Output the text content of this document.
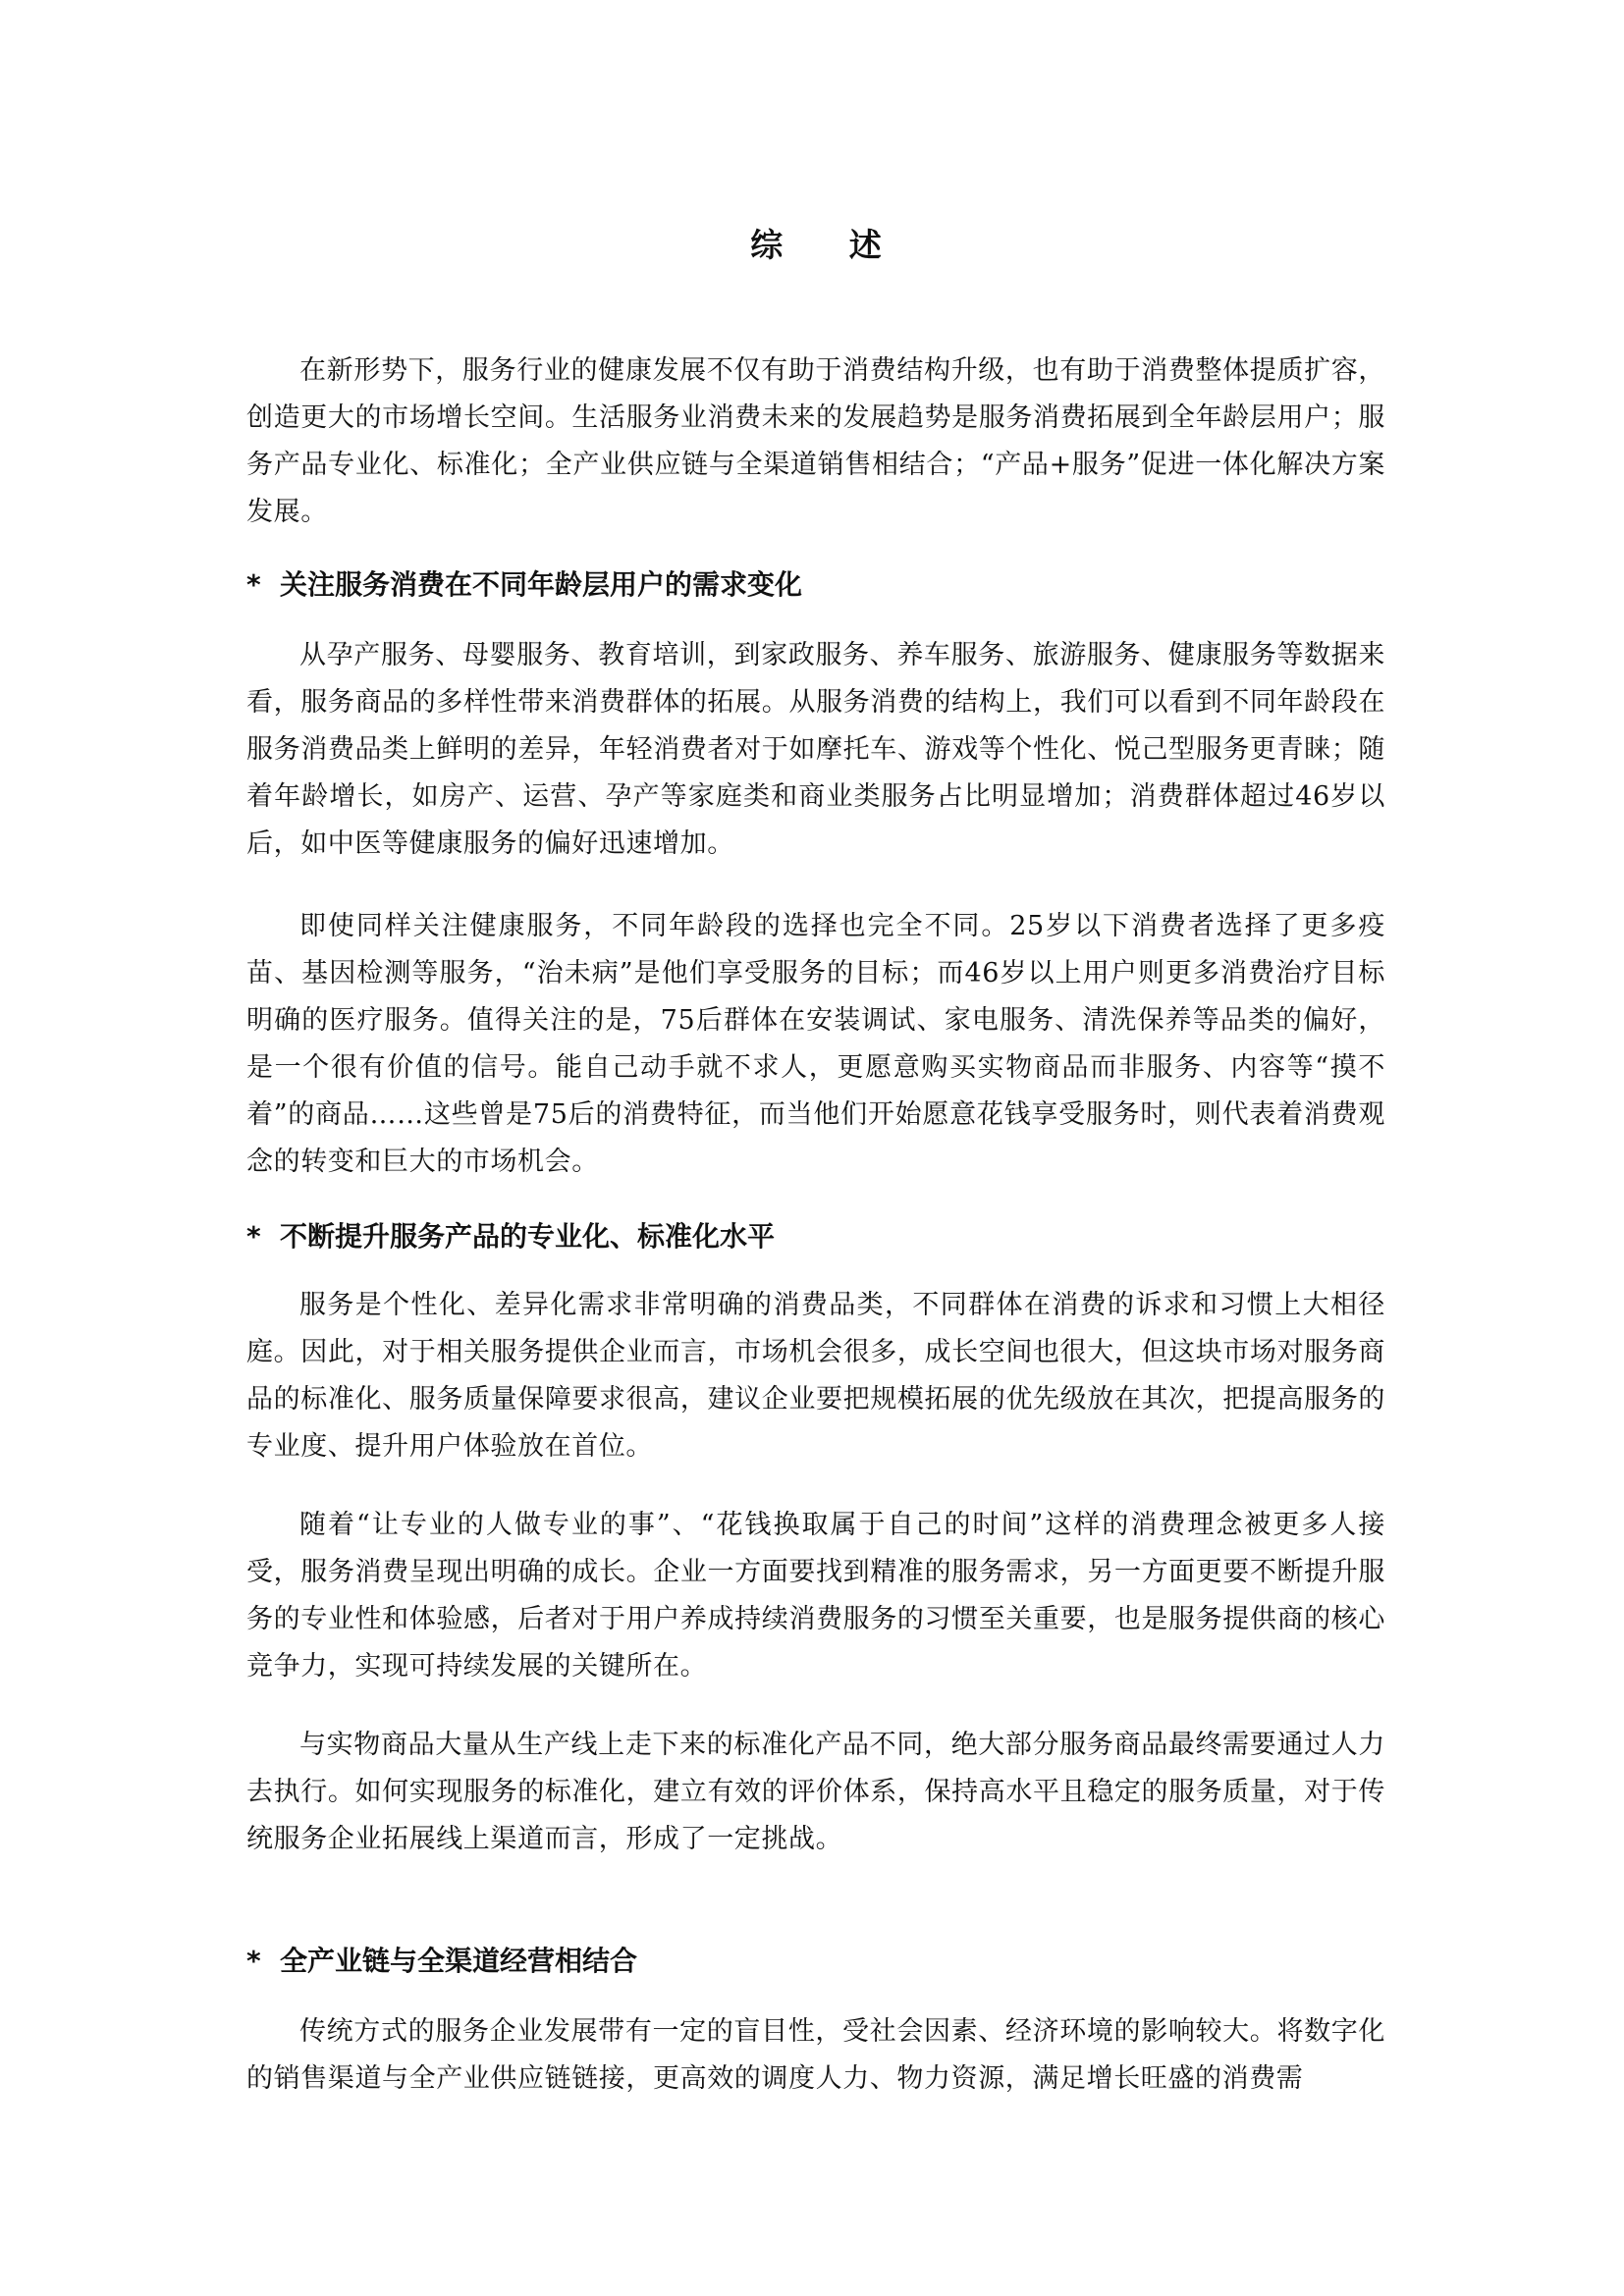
综 述

在新形势下，服务行业的健康发展不仅有助于消费结构升级，也有助于消费整体提质扩容，创造更大的市场增长空间。生活服务业消费未来的发展趋势是服务消费拓展到全年龄层用户；服务产品专业化、标准化；全产业供应链与全渠道销售相结合；“产品+服务”促进一体化解决方案发展。

* 关注服务消费在不同年龄层用户的需求变化

从孕产服务、母婴服务、教育培训，到家政服务、养车服务、旅游服务、健康服务等数据来看，服务商品的多样性带来消费群体的拓展。从服务消费的结构上，我们可以看到不同年龄段在服务消费品类上鲜明的差异，年轻消费者对于如摩托车、游戏等个性化、悦己型服务更青睐；随着年龄增长，如房产、运营、孕产等家庭类和商业类服务占比明显增加；消费群体超过46岁以后，如中医等健康服务的偏好迅速增加。

即使同样关注健康服务，不同年龄段的选择也完全不同。25岁以下消费者选择了更多疫苗、基因检测等服务，“治未病”是他们享受服务的目标；而46岁以上用户则更多消费治疗目标明确的医疗服务。值得关注的是，75后群体在安装调试、家电服务、清洗保养等品类的偏好，是一个很有价值的信号。能自己动手就不求人，更愿意购买实物商品而非服务、内容等“摸不着”的商品……这些曾是75后的消费特征，而当他们开始愿意花钱享受服务时，则代表着消费观念的转变和巨大的市场机会。

* 不断提升服务产品的专业化、标准化水平

服务是个性化、差异化需求非常明确的消费品类，不同群体在消费的诉求和习惯上大相径庭。因此，对于相关服务提供企业而言，市场机会很多，成长空间也很大，但这块市场对服务商品的标准化、服务质量保障要求很高，建议企业要把规模拓展的优先级放在其次，把提高服务的专业度、提升用户体验放在首位。

随着“让专业的人做专业的事”、“花钱换取属于自己的时间”这样的消费理念被更多人接受，服务消费呈现出明确的成长。企业一方面要找到精准的服务需求，另一方面更要不断提升服务的专业性和体验感，后者对于用户养成持续消费服务的习惯至关重要，也是服务提供商的核心竞争力，实现可持续发展的关键所在。

与实物商品大量从生产线上走下来的标准化产品不同，绝大部分服务商品最终需要通过人力去执行。如何实现服务的标准化，建立有效的评价体系，保持高水平且稳定的服务质量，对于传统服务企业拓展线上渠道而言，形成了一定挑战。

* 全产业链与全渠道经营相结合

传统方式的服务企业发展带有一定的盲目性，受社会因素、经济环境的影响较大。将数字化的销售渠道与全产业供应链链接，更高效的调度人力、物力资源，满足增长旺盛的消费需
